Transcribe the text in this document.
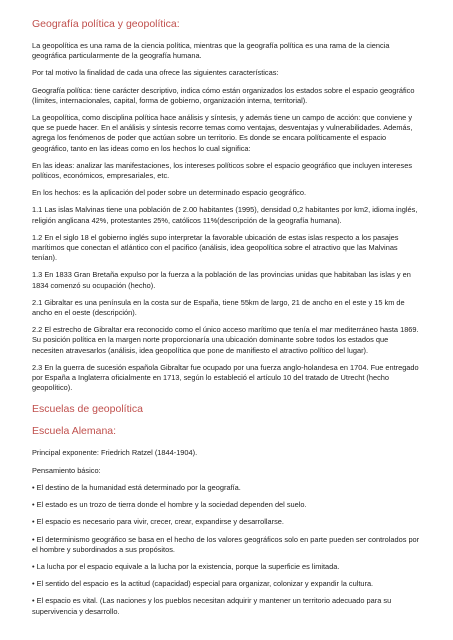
Geografía política y geopolítica:

La geopolítica es una rama de la ciencia política, mientras que la geografía política es una rama de la ciencia geográfica particularmente de la geografía humana.

Por tal motivo la finalidad de cada una ofrece las siguientes características:

Geografía política: tiene carácter descriptivo, indica cómo están organizados los estados sobre el espacio geográfico (límites, internacionales, capital, forma de gobierno, organización interna, territorial).

La geopolítica, como disciplina política hace análisis y síntesis, y además tiene un campo de acción: que conviene y que se puede hacer. En el análisis y síntesis recorre temas como ventajas, desventajas y vulnerabilidades. Además, agrega los fenómenos de poder que actúan sobre un territorio. Es donde se encara políticamente el espacio geográfico, tanto en las ideas como en los hechos lo cual significa:

En las ideas: analizar las manifestaciones, los intereses políticos sobre el espacio geográfico que incluyen intereses políticos, económicos, empresariales, etc.

En los hechos: es la aplicación del poder sobre un determinado espacio geográfico.

1.1 Las islas Malvinas tiene una población de 2.00 habitantes (1995), densidad 0,2 habitantes por km2, idioma inglés, religión anglicana 42%, protestantes 25%, católicos 11%(descripción de la geografía humana).

1.2 En el siglo 18 el gobierno inglés supo interpretar la favorable ubicación de estas islas respecto a los pasajes marítimos que conectan el atlántico con el pacifico (análisis, idea geopolítica sobre el atractivo que las Malvinas tenían).

1.3 En 1833 Gran Bretaña expulso por la fuerza a la población de las provincias unidas que habitaban las islas y en 1834 comenzó su ocupación (hecho).

2.1 Gibraltar es una península en la costa sur de España, tiene 55km de largo, 21 de ancho en el este y 15 km de ancho en el oeste (descripción).

2.2 El estrecho de Gibraltar era reconocido como el único acceso marítimo que tenía el mar mediterráneo hasta 1869. Su posición política en la margen norte proporcionaría una ubicación dominante sobre todos los estados que necesiten atravesarlos (análisis, idea geopolítica que pone de manifiesto el atractivo político del lugar).

2.3 En la guerra de sucesión española Gibraltar fue ocupado por una fuerza anglo-holandesa en 1704. Fue entregado por España a Inglaterra oficialmente en 1713, según lo estableció el artículo 10 del tratado de Utrecht (hecho geopolítico).

Escuelas de geopolítica
Escuela Alemana:

Principal exponente: Friedrich Ratzel (1844-1904).

Pensamiento básico:

• El destino de la humanidad está determinado por la geografía.

• El estado es un trozo de tierra donde el hombre y la sociedad dependen del suelo.

• El espacio es necesario para vivir, crecer, crear, expandirse y desarrollarse.

• El determinismo geográfico se basa en el hecho de los valores geográficos solo en parte pueden ser controlados por el hombre y subordinados a sus propósitos.

• La lucha por el espacio equivale a la lucha por la existencia, porque la superficie es limitada.

• El sentido del espacio es la actitud (capacidad) especial para organizar, colonizar y expandir la cultura.

• El espacio es vital. (Las naciones y los pueblos necesitan adquirir y mantener un territorio adecuado para su supervivencia y desarrollo.
